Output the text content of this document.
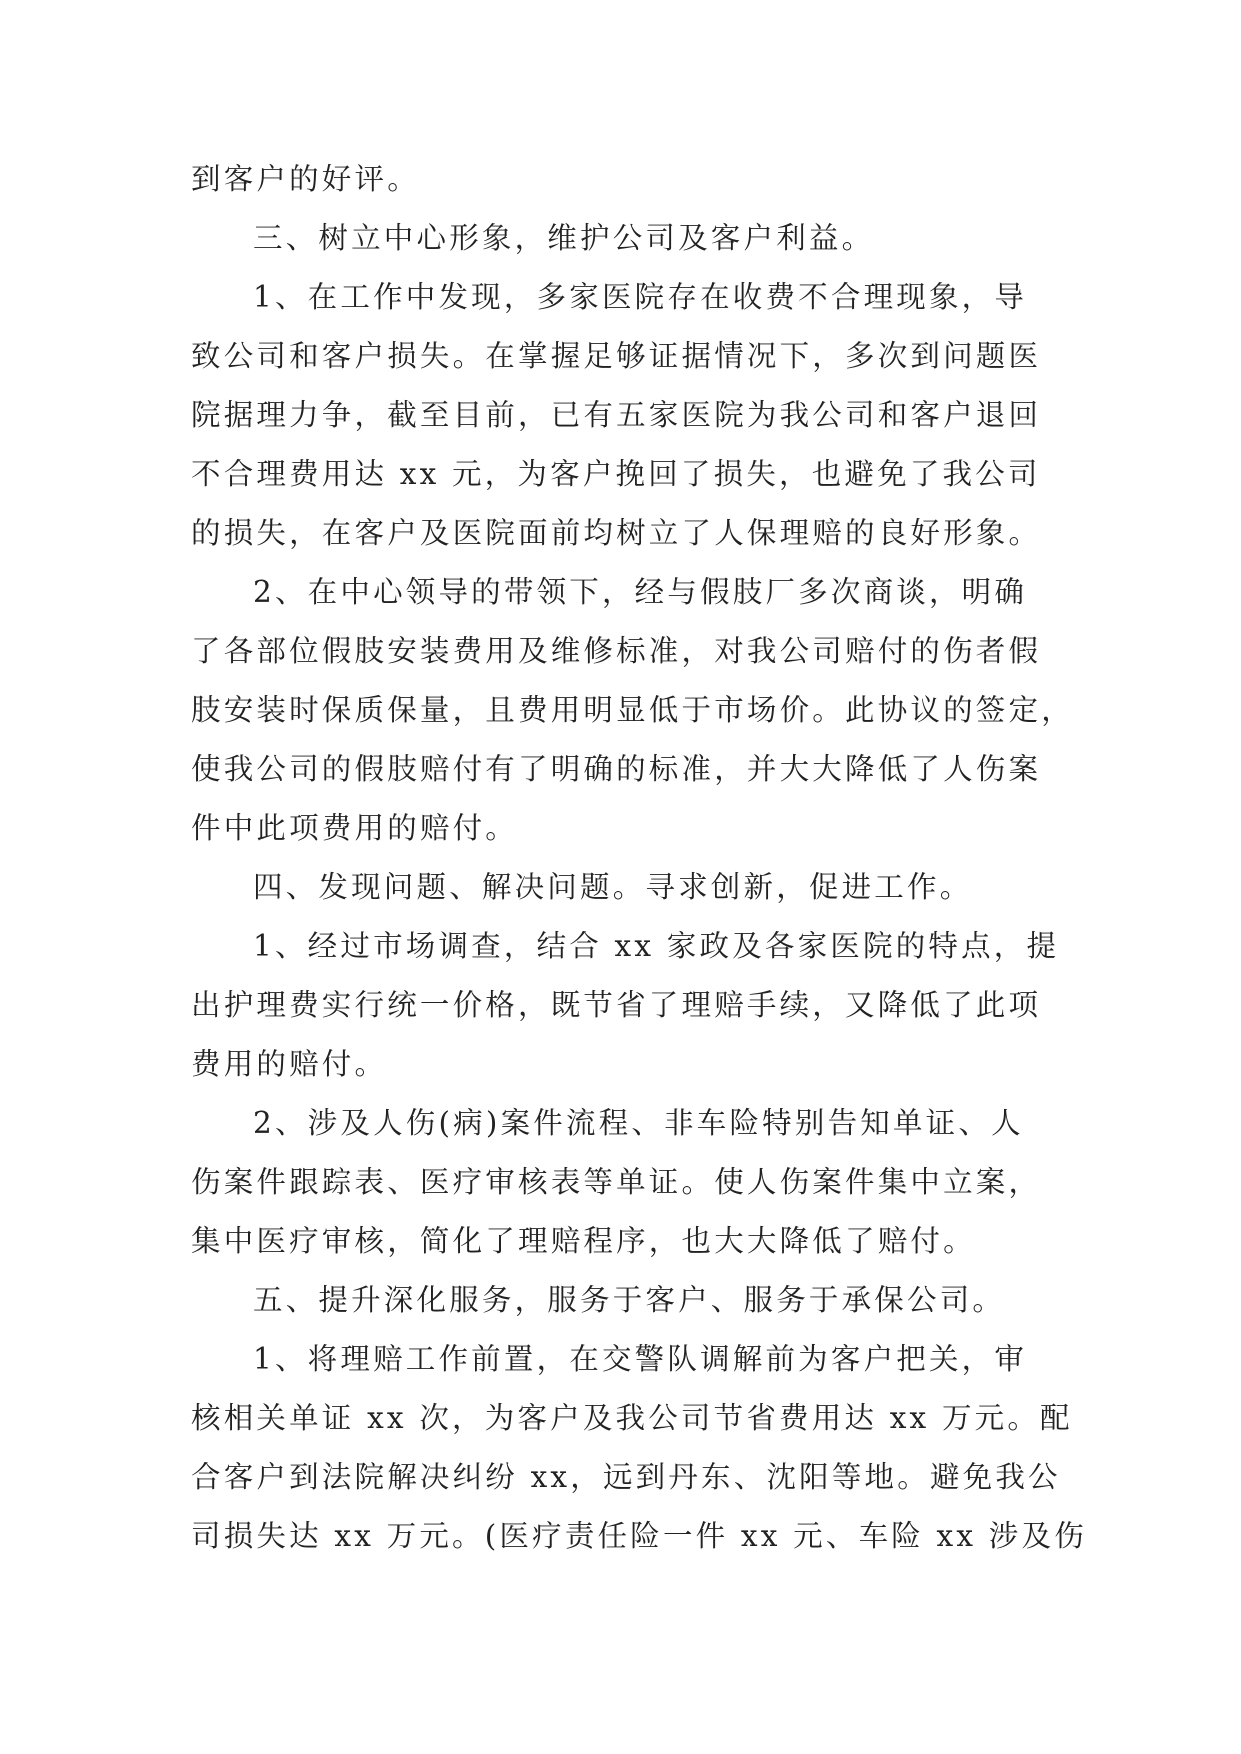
到客户的好评。
三、树立中心形象，维护公司及客户利益。
1、在工作中发现，多家医院存在收费不合理现象，导
致公司和客户损失。在掌握足够证据情况下，多次到问题医
院据理力争，截至目前，已有五家医院为我公司和客户退回
不合理费用达 xx 元，为客户挽回了损失，也避免了我公司
的损失，在客户及医院面前均树立了人保理赔的良好形象。
2、在中心领导的带领下，经与假肢厂多次商谈，明确
了各部位假肢安装费用及维修标准，对我公司赔付的伤者假
肢安装时保质保量，且费用明显低于市场价。此协议的签定，
使我公司的假肢赔付有了明确的标准，并大大降低了人伤案
件中此项费用的赔付。
四、发现问题、解决问题。寻求创新，促进工作。
1、经过市场调查，结合 xx 家政及各家医院的特点，提
出护理费实行统一价格，既节省了理赔手续，又降低了此项
费用的赔付。
2、涉及人伤(病)案件流程、非车险特别告知单证、人
伤案件跟踪表、医疗审核表等单证。使人伤案件集中立案，
集中医疗审核，简化了理赔程序，也大大降低了赔付。
五、提升深化服务，服务于客户、服务于承保公司。
1、将理赔工作前置，在交警队调解前为客户把关，审
核相关单证 xx 次，为客户及我公司节省费用达 xx 万元。配
合客户到法院解决纠纷 xx，远到丹东、沈阳等地。避免我公
司损失达 xx 万元。(医疗责任险一件 xx 元、车险 xx 涉及伤
